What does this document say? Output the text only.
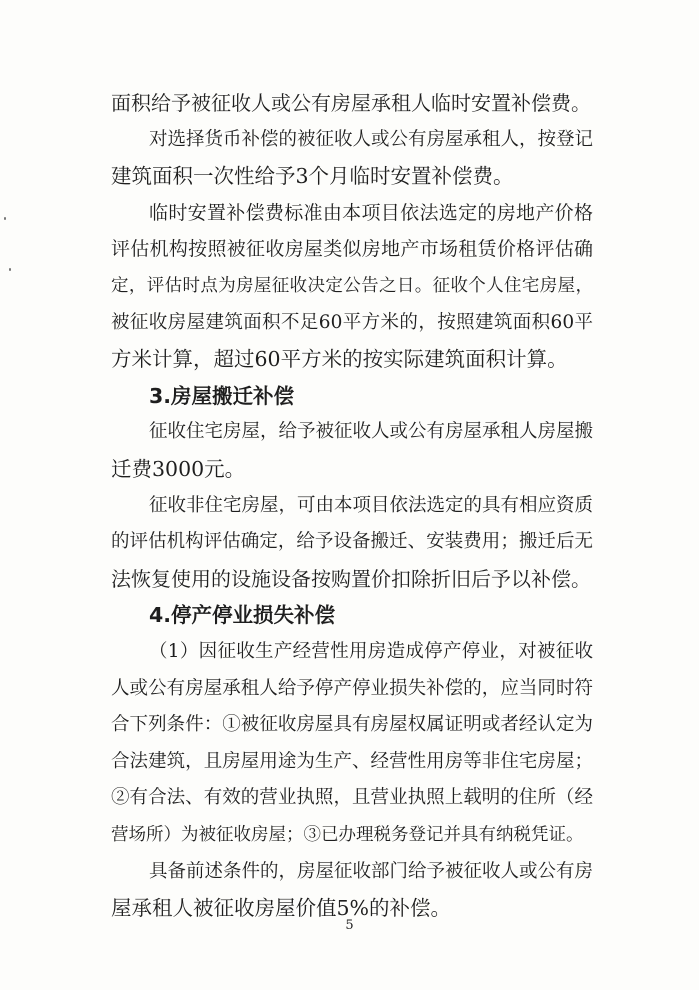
面积给予被征收人或公有房屋承租人临时安置补偿费。
对选择货币补偿的被征收人或公有房屋承租人，按登记
建筑面积一次性给予3个月临时安置补偿费。
临时安置补偿费标准由本项目依法选定的房地产价格
评估机构按照被征收房屋类似房地产市场租赁价格评估确
定，评估时点为房屋征收决定公告之日。征收个人住宅房屋，
被征收房屋建筑面积不足60平方米的，按照建筑面积60平
方米计算，超过60平方米的按实际建筑面积计算。
3.房屋搬迁补偿
征收住宅房屋，给予被征收人或公有房屋承租人房屋搬
迁费3000元。
征收非住宅房屋，可由本项目依法选定的具有相应资质
的评估机构评估确定，给予设备搬迁、安装费用；搬迁后无
法恢复使用的设施设备按购置价扣除折旧后予以补偿。
4.停产停业损失补偿
（1）因征收生产经营性用房造成停产停业，对被征收
人或公有房屋承租人给予停产停业损失补偿的，应当同时符
合下列条件：①被征收房屋具有房屋权属证明或者经认定为
合法建筑，且房屋用途为生产、经营性用房等非住宅房屋；
②有合法、有效的营业执照，且营业执照上载明的住所（经
营场所）为被征收房屋；③已办理税务登记并具有纳税凭证。
具备前述条件的，房屋征收部门给予被征收人或公有房
屋承租人被征收房屋价值5%的补偿。
5
